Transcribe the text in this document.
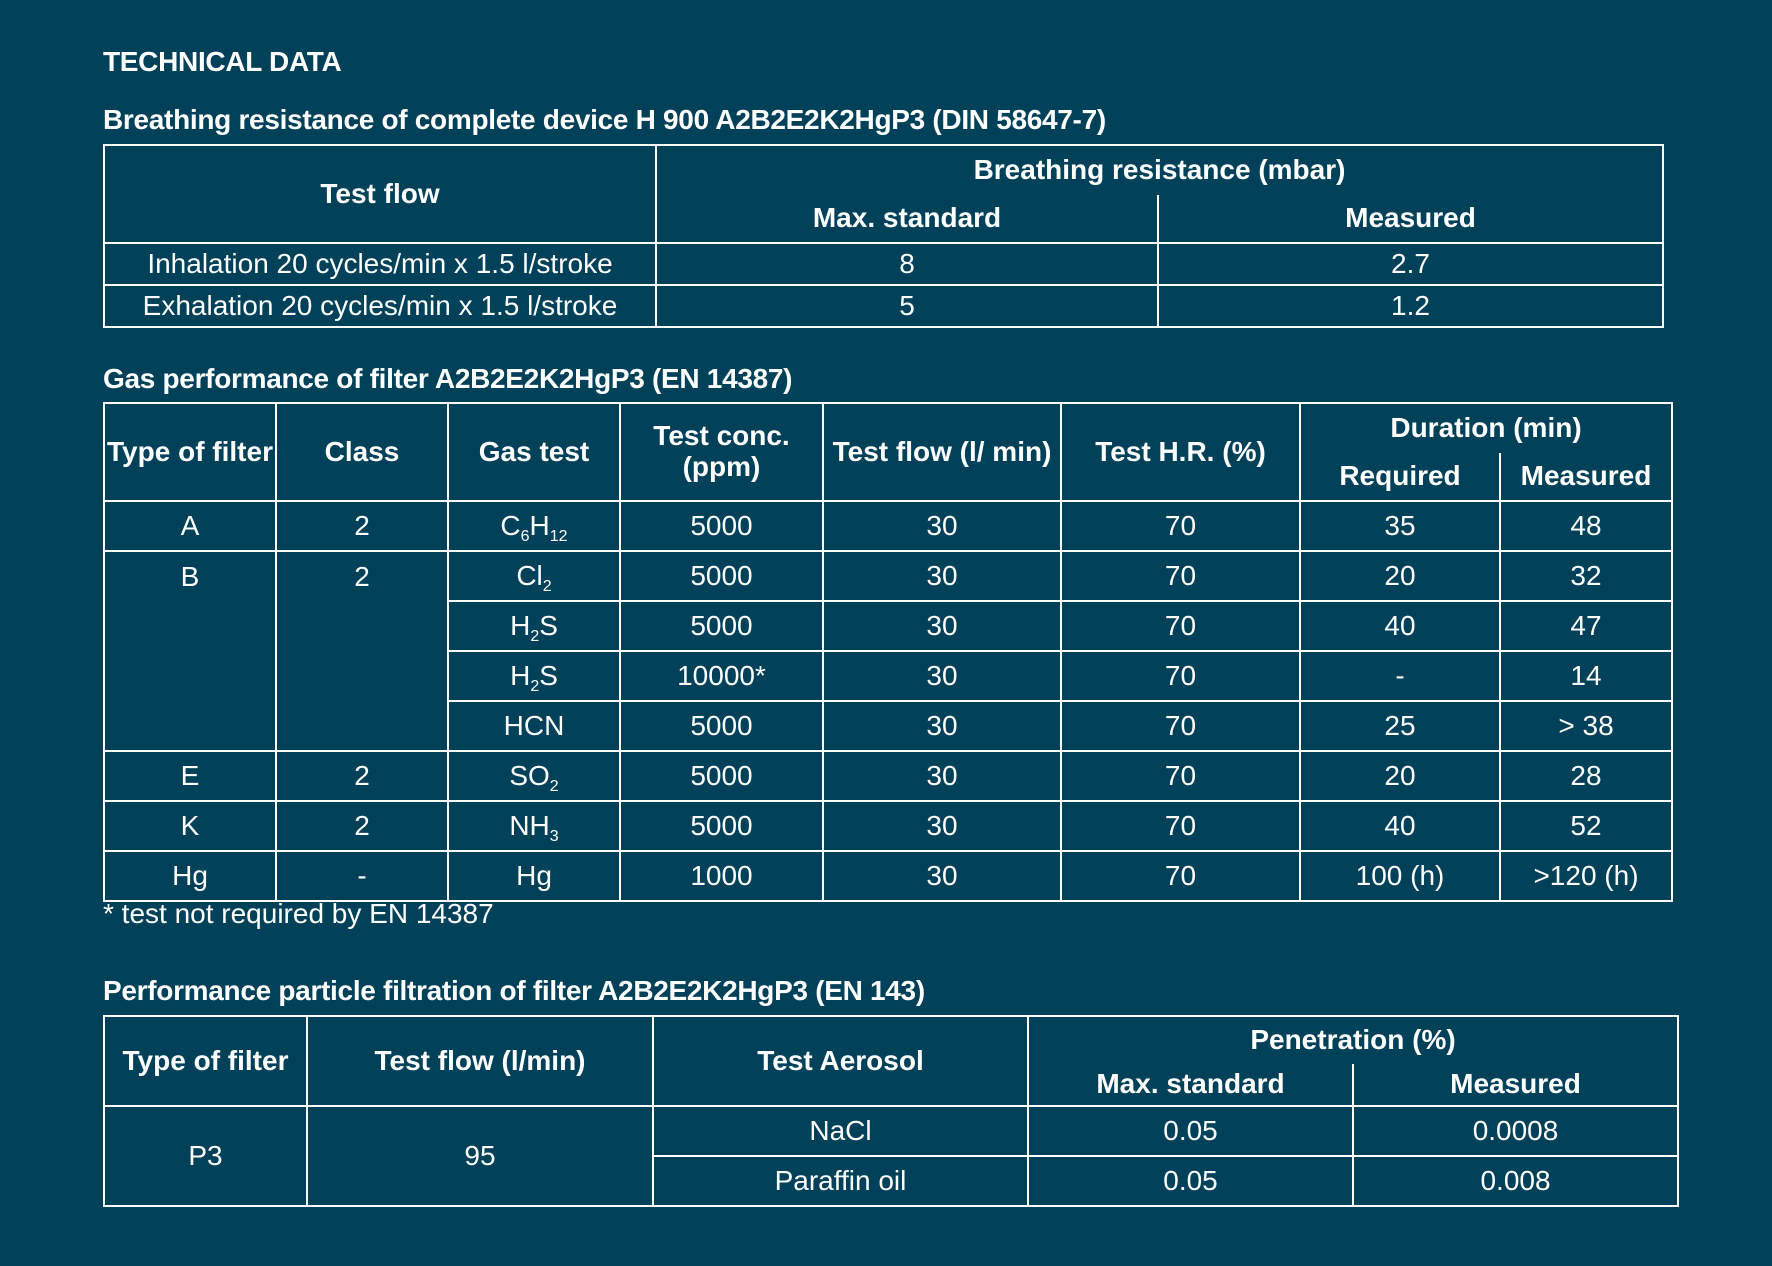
TECHNICAL DATA
Breathing resistance of complete device H 900 A2B2E2K2HgP3 (DIN 58647-7)
Test flow	Breathing resistance (mbar)	
	Max. standard	Measured
Inhalation 20 cycles/min x 1.5 l/stroke	8	2.7
Exhalation 20 cycles/min x 1.5 l/stroke	5	1.2
Gas performance of filter A2B2E2K2HgP3 (EN 14387)
Type of filter	Class	Gas test	Test conc. (ppm)	Test flow (l/ min)	Test H.R. (%)	Duration (min)	
						Required	Measured
A	2	$C_6H_{12}$	5000	30	70	35	48
B	2	$Cl_2$	5000	30	70	20	32
		$H_2S$	5000	30	70	40	47
		$H_2S$	10000*	30	70	-	14
		HCN	5000	30	70	25	> 38
E	2	$SO_2$	5000	30	70	20	28
K	2	$NH_3$	5000	30	70	40	52
Hg	-	Hg	1000	30	70	100 (h)	>120 (h)
* test not required by EN 14387
Performance particle filtration of filter A2B2E2K2HgP3 (EN 143)
Type of filter	Test flow (l/min)	Test Aerosol	Penetration (%)	
			Max. standard	Measured
P3	95	NaCl	0.05	0.0008
		Paraffin oil	0.05	0.008
